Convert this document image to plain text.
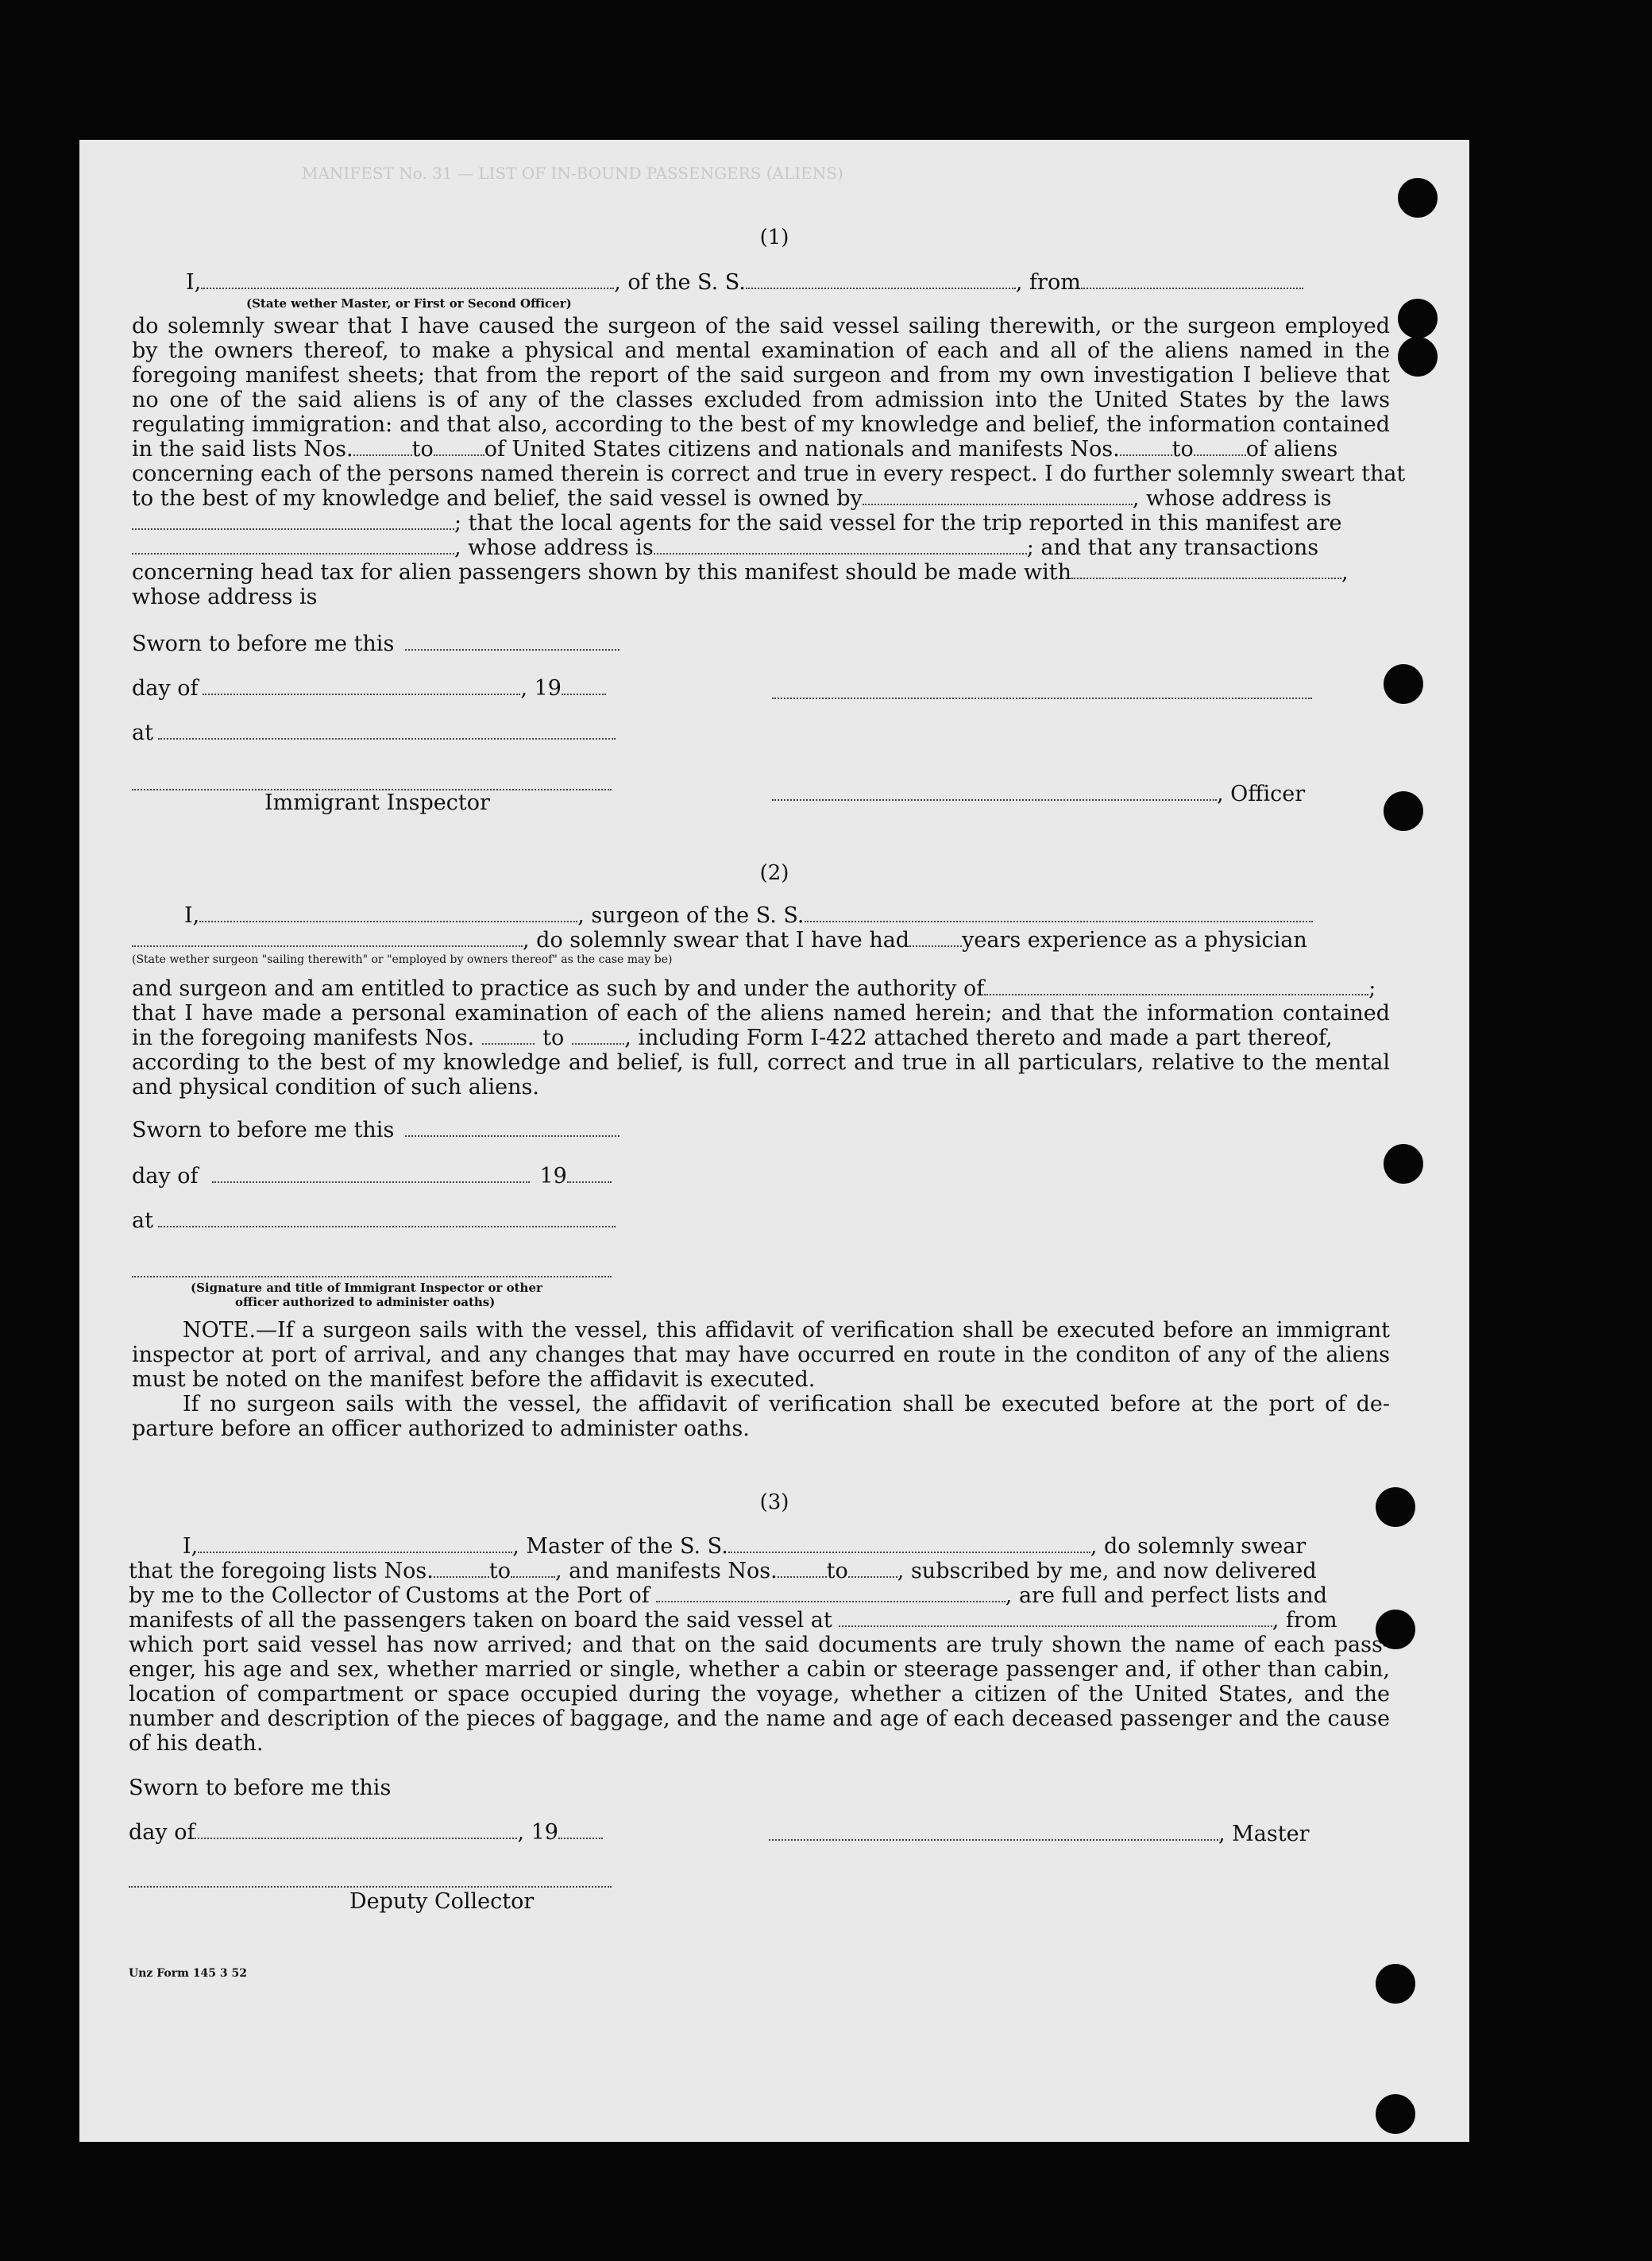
MANIFEST No. 31 — LIST OF IN-BOUND PASSENGERS (ALIENS)
(1)
I,	, of the S. S.	, from
(State wether Master, or First or Second Officer)
do solemnly swear that I have caused the surgeon of the said vessel sailing therewith, or the surgeon employed
by the owners thereof, to make a physical and mental examination of each and all of the aliens named in the
foregoing manifest sheets; that from the report of the said surgeon and from my own investigation I believe that
no one of the said aliens is of any of the classes excluded from admission into the United States by the laws
regulating immigration: and that also, according to the best of my knowledge and belief, the information contained
in the said lists Nos.	to of United States citizens and nationals and manifests Nos. to of aliens
concerning each of the persons named therein is correct and true in every respect. I do further solemnly sweart that
to the best of my knowledge and belief, the said vessel is owned by	, whose address is
; that the local agents for the said vessel for the trip reported in this manifest are
, whose address is	; and that any transactions
concerning head tax for alien passengers shown by this manifest should be made with	,
whose address is
Sworn to before me this
day of	, 19
at
Immigrant Inspector	, Officer
(2)
I,	, surgeon of the S. S.
, do solemnly swear that I have had years experience as a physician
(State wether surgeon "sailing therewith" or "employed by owners thereof" as the case may be)
and surgeon and am entitled to practice as such by and under the authority of	;
that I have made a personal examination of each of the aliens named herein; and that the information contained
in the foregoing manifests Nos.	to	, including Form I-422 attached thereto and made a part thereof,
according to the best of my knowledge and belief, is full, correct and true in all particulars, relative to the mental
and physical condition of such aliens.
Sworn to before me this
day of	19
at
(Signature and title of Immigrant Inspector or other
officer authorized to administer oaths)
NOTE.—If a surgeon sails with the vessel, this affidavit of verification shall be executed before an immigrant
inspector at port of arrival, and any changes that may have occurred en route in the conditon of any of the aliens
must be noted on the manifest before the affidavit is executed.
If no surgeon sails with the vessel, the affidavit of verification shall be executed before at the port of de-
parture before an officer authorized to administer oaths.
(3)
I,	, Master of the S. S.	, do solemnly swear
that the foregoing lists Nos.	to , and manifests Nos. to , subscribed by me, and now delivered
by me to the Collector of Customs at the Port of	, are full and perfect lists and
manifests of all the passengers taken on board the said vessel at	, from
which port said vessel has now arrived; and that on the said documents are truly shown the name of each pass-
enger, his age and sex, whether married or single, whether a cabin or steerage passenger and, if other than cabin,
location of compartment or space occupied during the voyage, whether a citizen of the United States, and the
number and description of the pieces of baggage, and the name and age of each deceased passenger and the cause
of his death.
Sworn to before me this
day of	, 19	, Master
Deputy Collector
Unz Form 145 3 52
